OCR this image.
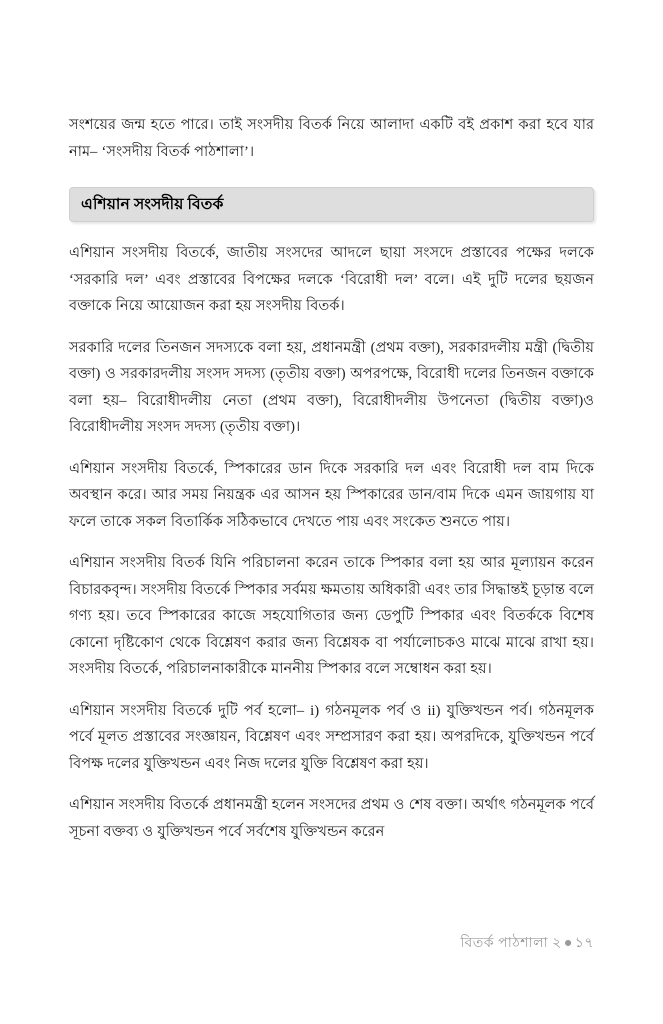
সংশয়ের জন্ম হতে পারে। তাই সংসদীয় বিতর্ক নিয়ে আলাদা একটি বই প্রকাশ করা হবে যার নাম– ‘সংসদীয় বিতর্ক পাঠশালা’।

এশিয়ান সংসদীয় বিতর্ক

এশিয়ান সংসদীয় বিতর্কে, জাতীয় সংসদের আদলে ছায়া সংসদে প্রস্তাবের পক্ষের দলকে ‘সরকারি দল’ এবং প্রস্তাবের বিপক্ষের দলকে ‘বিরোধী দল’ বলে। এই দুটি দলের ছয়জন বক্তাকে নিয়ে আয়োজন করা হয় সংসদীয় বিতর্ক।

সরকারি দলের তিনজন সদস্যকে বলা হয়, প্রধানমন্ত্রী (প্রথম বক্তা), সরকারদলীয় মন্ত্রী (দ্বিতীয় বক্তা) ও সরকারদলীয় সংসদ সদস্য (তৃতীয় বক্তা) অপরপক্ষে, বিরোধী দলের তিনজন বক্তাকে বলা হয়– বিরোধীদলীয় নেতা (প্রথম বক্তা), বিরোধীদলীয় উপনেতা (দ্বিতীয় বক্তা)ও বিরোধীদলীয় সংসদ সদস্য (তৃতীয় বক্তা)।

এশিয়ান সংসদীয় বিতর্কে, স্পিকারের ডান দিকে সরকারি দল এবং বিরোধী দল বাম দিকে অবস্থান করে। আর সময় নিয়ন্ত্রক এর আসন হয় স্পিকারের ডান/বাম দিকে এমন জায়গায় যা ফলে তাকে সকল বিতার্কিক সঠিকভাবে দেখতে পায় এবং সংকেত শুনতে পায়।

এশিয়ান সংসদীয় বিতর্ক যিনি পরিচালনা করেন তাকে স্পিকার বলা হয় আর মূল্যায়ন করেন বিচারকবৃন্দ। সংসদীয় বিতর্কে স্পিকার সর্বময় ক্ষমতায় অধিকারী এবং তার সিদ্ধান্তই চূড়ান্ত বলে গণ্য হয়। তবে স্পিকারের কাজে সহযোগিতার জন্য ডেপুটি স্পিকার এবং বিতর্ককে বিশেষ কোনো দৃষ্টিকোণ থেকে বিশ্লেষণ করার জন্য বিশ্লেষক বা পর্যালোচকও মাঝে মাঝে রাখা হয়। সংসদীয় বিতর্কে, পরিচালনাকারীকে মাননীয় স্পিকার বলে সম্বোধন করা হয়।

এশিয়ান সংসদীয় বিতর্কে দুটি পর্ব হলো– i) গঠনমূলক পর্ব ও ii) যুক্তিখন্ডন পর্ব। গঠনমূলক পর্বে মূলত প্রস্তাবের সংজ্ঞায়ন, বিশ্লেষণ এবং সম্প্রসারণ করা হয়। অপরদিকে, যুক্তিখন্ডন পর্বে বিপক্ষ দলের যুক্তিখন্ডন এবং নিজ দলের যুক্তি বিশ্লেষণ করা হয়।

এশিয়ান সংসদীয় বিতর্কে প্রধানমন্ত্রী হলেন সংসদের প্রথম ও শেষ বক্তা। অর্থাৎ গঠনমূলক পর্বে সূচনা বক্তব্য ও যুক্তিখন্ডন পর্বে সর্বশেষ যুক্তিখন্ডন করেন

বিতর্ক পাঠশালা ২ ● ১৭
